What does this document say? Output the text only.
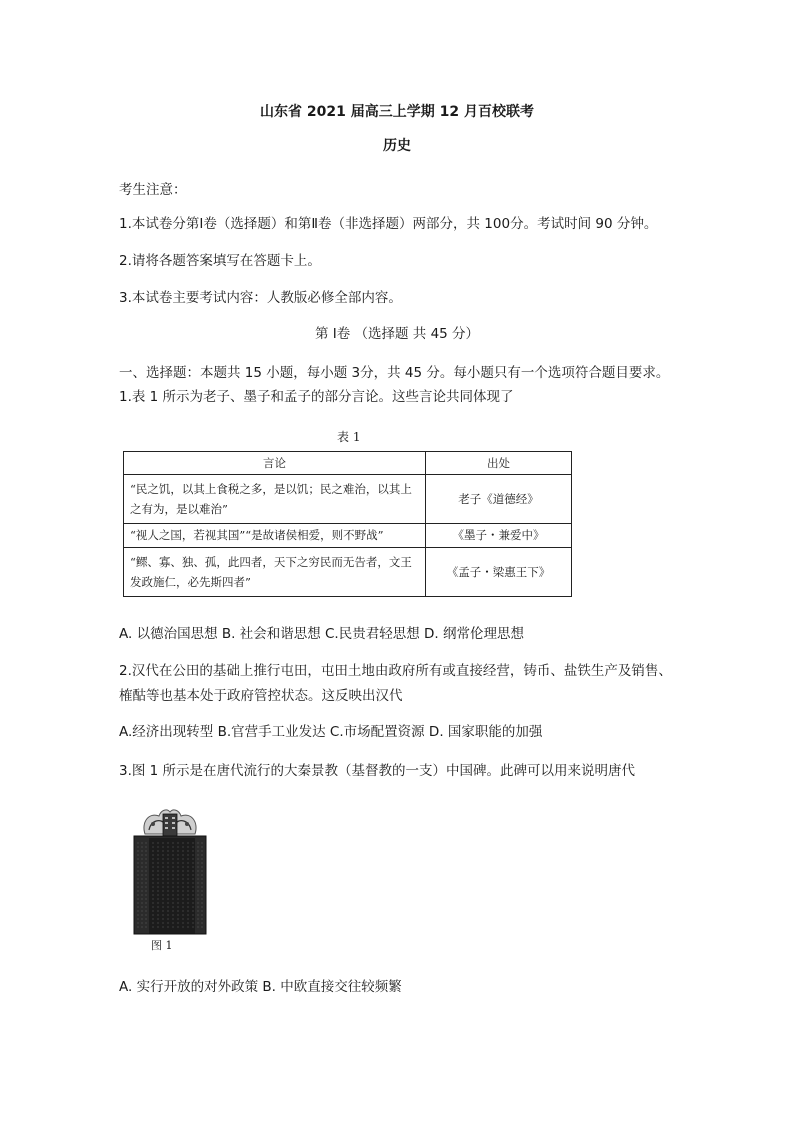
山东省 2021 届高三上学期 12 月百校联考
历史
考生注意：
1.本试卷分第Ⅰ卷（选择题）和第Ⅱ卷（非选择题）两部分，共 100分。考试时间 90 分钟。
2.请将各题答案填写在答题卡上。
3.本试卷主要考试内容：人教版必修全部内容。
第 Ⅰ卷 （选择题 共 45 分）
一、选择题：本题共 15 小题，每小题 3分，共 45 分。每小题只有一个选项符合题目要求。
1.表 1 所示为老子、墨子和孟子的部分言论。这些言论共同体现了
表 1
言论	出处
“民之饥，以其上食税之多，是以饥；民之难治，以其上之有为，是以难治”	老子《道德经》
“视人之国，若视其国”“是故诸侯相爱，则不野战”	《墨子・兼爱中》
“鳏、寡、独、孤，此四者，天下之穷民而无告者，文王发政施仁，必先斯四者”	《孟子・梁惠王下》
A. 以德治国思想 B. 社会和谐思想 C.民贵君轻思想 D. 纲常伦理思想
2.汉代在公田的基础上推行屯田，屯田土地由政府所有或直接经营，铸币、盐铁生产及销售、
榷酤等也基本处于政府管控状态。这反映出汉代
A.经济出现转型 B.官营手工业发达 C.市场配置资源 D. 国家职能的加强
3.图 1 所示是在唐代流行的大秦景教（基督教的一支）中国碑。此碑可以用来说明唐代
图 1
A. 实行开放的对外政策 B. 中欧直接交往较频繁
